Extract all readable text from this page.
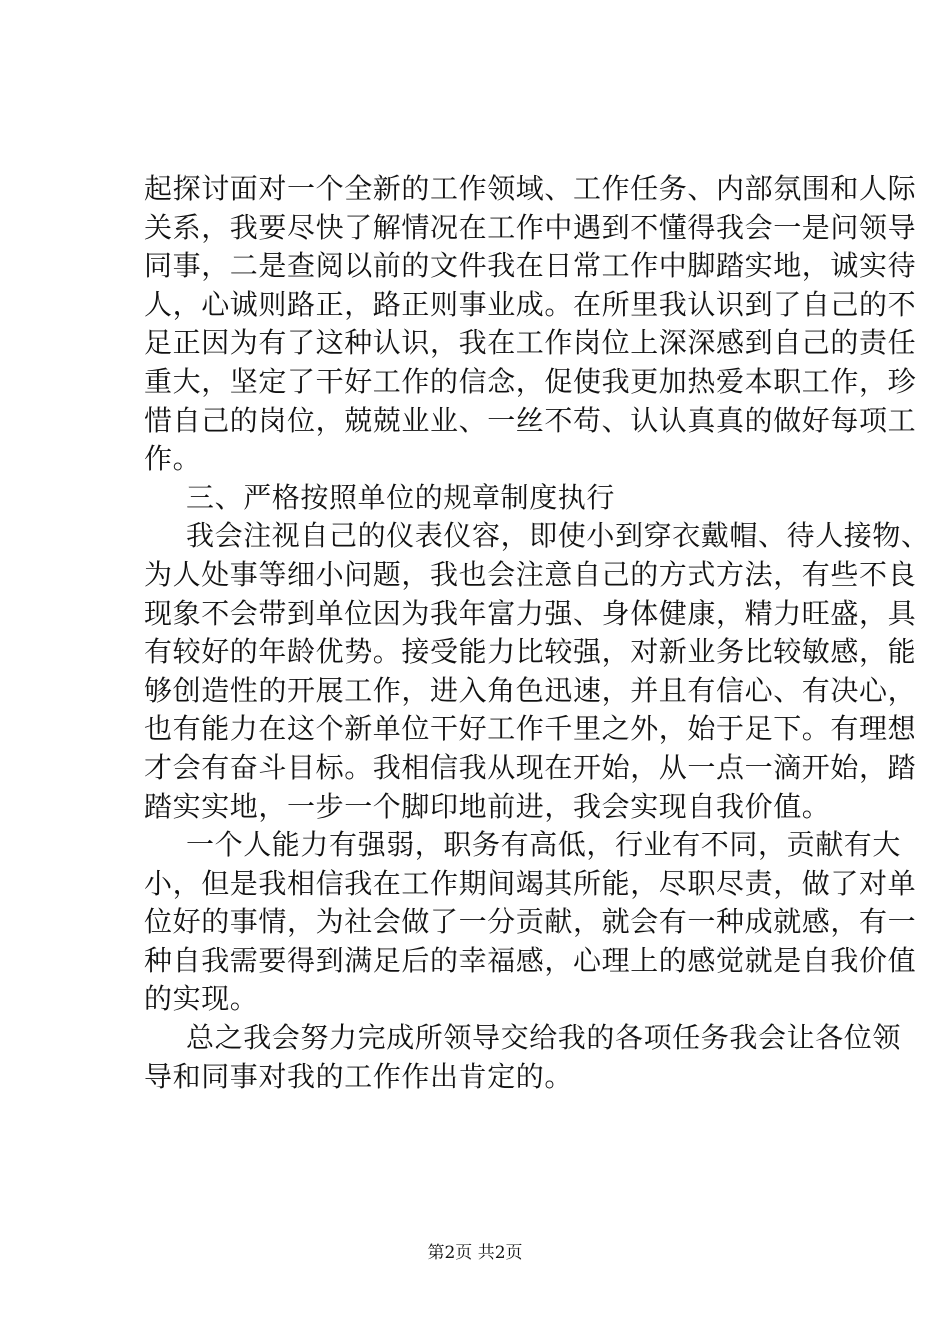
起探讨面对一个全新的工作领域、工作任务、内部氛围和人际
关系，我要尽快了解情况在工作中遇到不懂得我会一是问领导
同事，二是查阅以前的文件我在日常工作中脚踏实地，诚实待
人，心诚则路正，路正则事业成。在所里我认识到了自己的不
足正因为有了这种认识，我在工作岗位上深深感到自己的责任
重大，坚定了干好工作的信念，促使我更加热爱本职工作，珍
惜自己的岗位，兢兢业业、一丝不苟、认认真真的做好每项工
作。
三、严格按照单位的规章制度执行
我会注视自己的仪表仪容，即使小到穿衣戴帽、待人接物、
为人处事等细小问题，我也会注意自己的方式方法，有些不良
现象不会带到单位因为我年富力强、身体健康，精力旺盛，具
有较好的年龄优势。接受能力比较强，对新业务比较敏感，能
够创造性的开展工作，进入角色迅速，并且有信心、有决心，
也有能力在这个新单位干好工作千里之外，始于足下。有理想
才会有奋斗目标。我相信我从现在开始，从一点一滴开始，踏
踏实实地，一步一个脚印地前进，我会实现自我价值。
一个人能力有强弱，职务有高低，行业有不同，贡献有大
小，但是我相信我在工作期间竭其所能，尽职尽责，做了对单
位好的事情，为社会做了一分贡献，就会有一种成就感，有一
种自我需要得到满足后的幸福感，心理上的感觉就是自我价值
的实现。
总之我会努力完成所领导交给我的各项任务我会让各位领
导和同事对我的工作作出肯定的。
第2页 共2页
